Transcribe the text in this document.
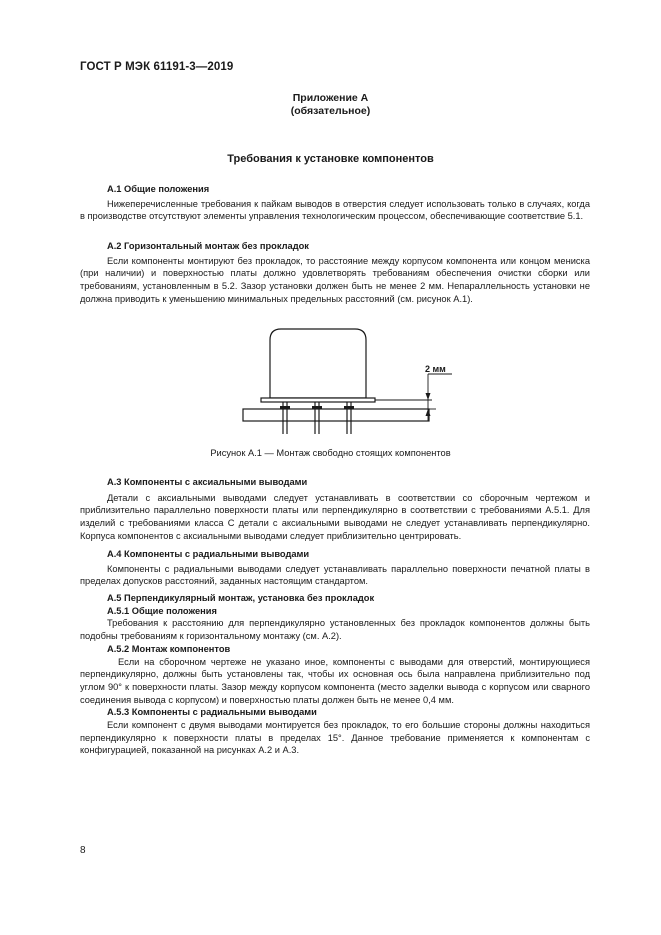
ГОСТ Р МЭК 61191-3—2019
Приложение А
(обязательное)
Требования к установке компонентов
А.1 Общие положения
Нижеперечисленные требования к пайкам выводов в отверстия следует использовать только в случаях, когда в производстве отсутствуют элементы управления технологическим процессом, обеспечивающие соответствие 5.1.
А.2 Горизонтальный монтаж без прокладок
Если компоненты монтируют без прокладок, то расстояние между корпусом компонента или концом мениска (при наличии) и поверхностью платы должно удовлетворять требованиям обеспечения очистки сборки или требованиям, установленным в 5.2. Зазор установки должен быть не менее 2 мм. Непараллельность установки не должна приводить к уменьшению минимальных предельных расстояний (см. рисунок А.1).
2 мм
Рисунок А.1 — Монтаж свободно стоящих компонентов
А.3 Компоненты с аксиальными выводами
Детали с аксиальными выводами следует устанавливать в соответствии со сборочным чертежом и приблизительно параллельно поверхности платы или перпендикулярно в соответствии с требованиями А.5.1. Для изделий с требованиями класса С детали с аксиальными выводами не следует устанавливать перпендикулярно. Корпуса компонентов с аксиальными выводами следует приблизительно центрировать.
А.4 Компоненты с радиальными выводами
Компоненты с радиальными выводами следует устанавливать параллельно поверхности печатной платы в пределах допусков расстояний, заданных настоящим стандартом.
А.5 Перпендикулярный монтаж, установка без прокладок
А.5.1 Общие положения
Требования к расстоянию для перпендикулярно установленных без прокладок компонентов должны быть подобны требованиям к горизонтальному монтажу (см. А.2).
А.5.2 Монтаж компонентов
Если на сборочном чертеже не указано иное, компоненты с выводами для отверстий, монтирующиеся перпендикулярно, должны быть установлены так, чтобы их основная ось была направлена приблизительно под углом 90° к поверхности платы. Зазор между корпусом компонента (место заделки вывода с корпусом или сварного соединения вывода с корпусом) и поверхностью платы должен быть не менее 0,4 мм.
А.5.3 Компоненты с радиальными выводами
Если компонент с двумя выводами монтируется без прокладок, то его большие стороны должны находиться перпендикулярно к поверхности платы в пределах 15°. Данное требование применяется к компонентам с конфигурацией, показанной на рисунках А.2 и А.3.
8
